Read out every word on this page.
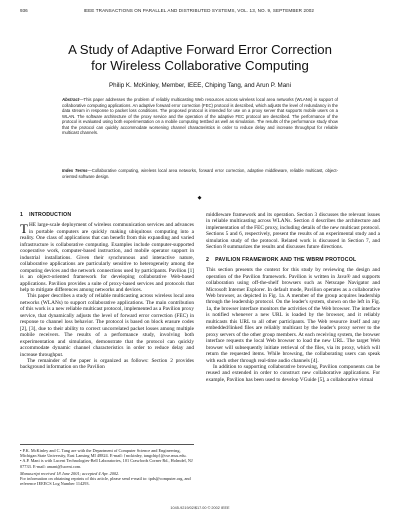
936	IEEE TRANSACTIONS ON PARALLEL AND DISTRIBUTED SYSTEMS, VOL. 13, NO. 9, SEPTEMBER 2002
A Study of Adaptive Forward Error Correction
for Wireless Collaborative Computing
Philip K. McKinley, Member, IEEE, Chiping Tang, and Arun P. Mani
Abstract—This paper addresses the problem of reliably multicasting Web resources across wireless local area networks (WLANs) in support of collaborative computing applications. An adaptive forward error correction (FEC) protocol is described, which adjusts the level of redundancy in the data stream in response to packet loss conditions. The proposed protocol is intended for use on a proxy server that supports mobile users on a WLAN. The software architecture of the proxy service and the operation of the adaptive FEC protocol are described. The performance of the protocol is evaluated using both experimentation on a mobile computing testbed as well as simulation. The results of the performance study show that the protocol can quickly accommodate worsening channel characteristics in order to reduce delay and increase throughput for reliable multicast channels.
Index Terms—Collaborative computing, wireless local area networks, forward error correction, adaptive middleware, reliable multicast, object-oriented software design.
◆
1 INTRODUCTION

THE large-scale deployment of wireless communication services and advances in portable computers are quickly making ubiquitous computing into a reality. One class of applications that can benefit from this expanding and varied infrastructure is collaborative computing. Examples include computer-supported cooperative work, computer-based instruction, and mobile operator support in industrial installations. Given their synchronous and interactive nature, collaborative applications are particularly sensitive to heterogeneity among the computing devices and the network connections used by participants. Pavilion [1] is an object-oriented framework for developing collaborative Web-based applications. Pavilion provides a suite of proxy-based services and protocols that help to mitigate differences among networks and devices.

This paper describes a study of reliable multicasting across wireless local area networks (WLANs) to support collaborative applications. The main contribution of this work is a new reliable multicast protocol, implemented as a Pavilion proxy service, that dynamically adjusts the level of forward error correction (FEC) in response to channel loss behavior. The protocol is based on block erasure codes [2], [3], due to their ability to correct uncorrelated packet losses among multiple mobile receivers. The results of a performance study, involving both experimentation and simulation, demonstrate that the protocol can quickly accommodate dynamic channel characteristics in order to reduce delay and increase throughput.

The remainder of the paper is organized as follows: Section 2 provides background information on the Pavilion

middleware framework and its operation. Section 3 discusses the relevant issues in reliable multicasting across WLANs. Section 4 describes the architecture and implementation of the FEC proxy, including details of the new multicast protocol. Sections 5 and 6, respectively, present the results of an experimental study and a simulation study of the protocol. Related work is discussed in Section 7, and Section 8 summarizes the results and discusses future directions.

2 PAVILION FRAMEWORK AND THE WBRM PROTOCOL

This section presents the context for this study by reviewing the design and operation of the Pavilion framework. Pavilion is written in Java® and supports collaboration using off-the-shelf browsers such as Netscape Navigator and Microsoft Internet Explorer. In default mode, Pavilion operates as a collaborative Web browser, as depicted in Fig. 1a. A member of the group acquires leadership through the leadership protocol. On the leader's system, shown on the left in Fig. 1a, the browser interface monitors the activities of the Web browser. The interface is notified whenever a new URL is loaded by the browser, and it reliably multicasts this URL to all other participants. The Web resource itself and any embedded/linked files are reliably multicast by the leader's proxy server to the proxy servers of the other group members. At each receiving system, the browser interface requests the local Web browser to load the new URL. The target Web browser will subsequently initiate retrieval of the files, via its proxy, which will return the requested items. While browsing, the collaborating users can speak with each other through real-time audio channels [4].

In addition to supporting collaborative browsing, Pavilion components can be reused and extended in order to construct new collaborative applications. For example, Pavilion has been used to develop VGuide [5], a collaborative virtual

• P.K. McKinley and C. Tang are with the Department of Computer Science and Engineering, Michigan State University, East Lansing MI 48824. E-mail: {mckinley, tangchip}@cse.msu.edu.

• A.P. Mani is with Lucent Technologies-Bell Laboratories, 101 Crawfords Corner Rd., Holmdel, NJ 07733. E-mail: amani@lucent.com.

Manuscript received 18 June 2001; accepted 4 Apr. 2002.

For information on obtaining reprints of this article, please send e-mail to: tpds@computer.org, and reference IEEECS Log Number 114293.

1045-9219/02/$17.00 © 2002 IEEE
